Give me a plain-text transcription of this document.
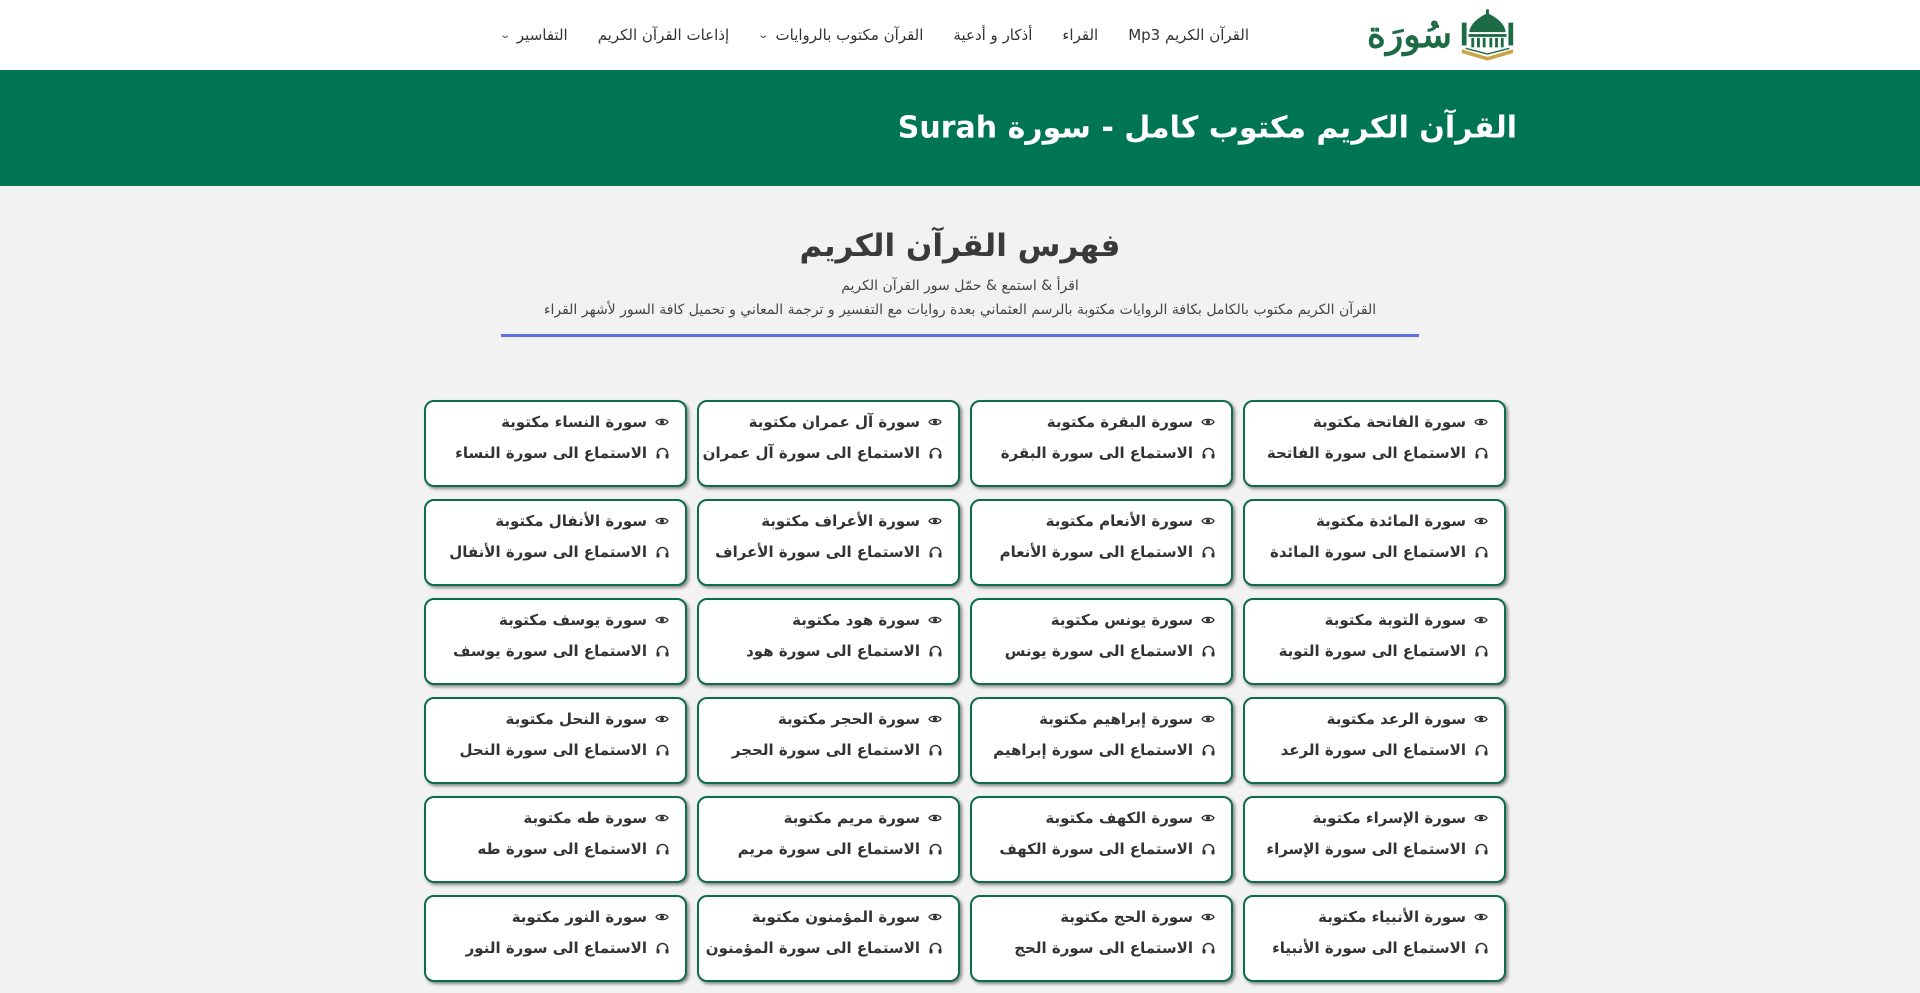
سُورَة
القرآن الكريم Mp3
القراء
أذكار و أدعية
القرآن مكتوب بالروايات
⌄
إذاعات القرآن الكريم
التفاسير
⌄
القرآن الكريم مكتوب كامل - سورة Surah
فهرس القرآن الكريم

اقرأ & استمع & حمّل سور القرآن الكريم

القرآن الكريم مكتوب بالكامل بكافة الروايات مكتوبة بالرسم العثماني بعدة روايات مع التفسير و ترجمة المعاني و تحميل كافة السور لأشهر القراء

سورة الفاتحة مكتوبة
الاستماع الى سورة الفاتحة
سورة البقرة مكتوبة
الاستماع الى سورة البقرة
سورة آل عمران مكتوبة
الاستماع الى سورة آل عمران
سورة النساء مكتوبة
الاستماع الى سورة النساء
سورة المائدة مكتوبة
الاستماع الى سورة المائدة
سورة الأنعام مكتوبة
الاستماع الى سورة الأنعام
سورة الأعراف مكتوبة
الاستماع الى سورة الأعراف
سورة الأنفال مكتوبة
الاستماع الى سورة الأنفال
سورة التوبة مكتوبة
الاستماع الى سورة التوبة
سورة يونس مكتوبة
الاستماع الى سورة يونس
سورة هود مكتوبة
الاستماع الى سورة هود
سورة يوسف مكتوبة
الاستماع الى سورة يوسف
سورة الرعد مكتوبة
الاستماع الى سورة الرعد
سورة إبراهيم مكتوبة
الاستماع الى سورة إبراهيم
سورة الحجر مكتوبة
الاستماع الى سورة الحجر
سورة النحل مكتوبة
الاستماع الى سورة النحل
سورة الإسراء مكتوبة
الاستماع الى سورة الإسراء
سورة الكهف مكتوبة
الاستماع الى سورة الكهف
سورة مريم مكتوبة
الاستماع الى سورة مريم
سورة طه مكتوبة
الاستماع الى سورة طه
سورة الأنبياء مكتوبة
الاستماع الى سورة الأنبياء
سورة الحج مكتوبة
الاستماع الى سورة الحج
سورة المؤمنون مكتوبة
الاستماع الى سورة المؤمنون
سورة النور مكتوبة
الاستماع الى سورة النور
